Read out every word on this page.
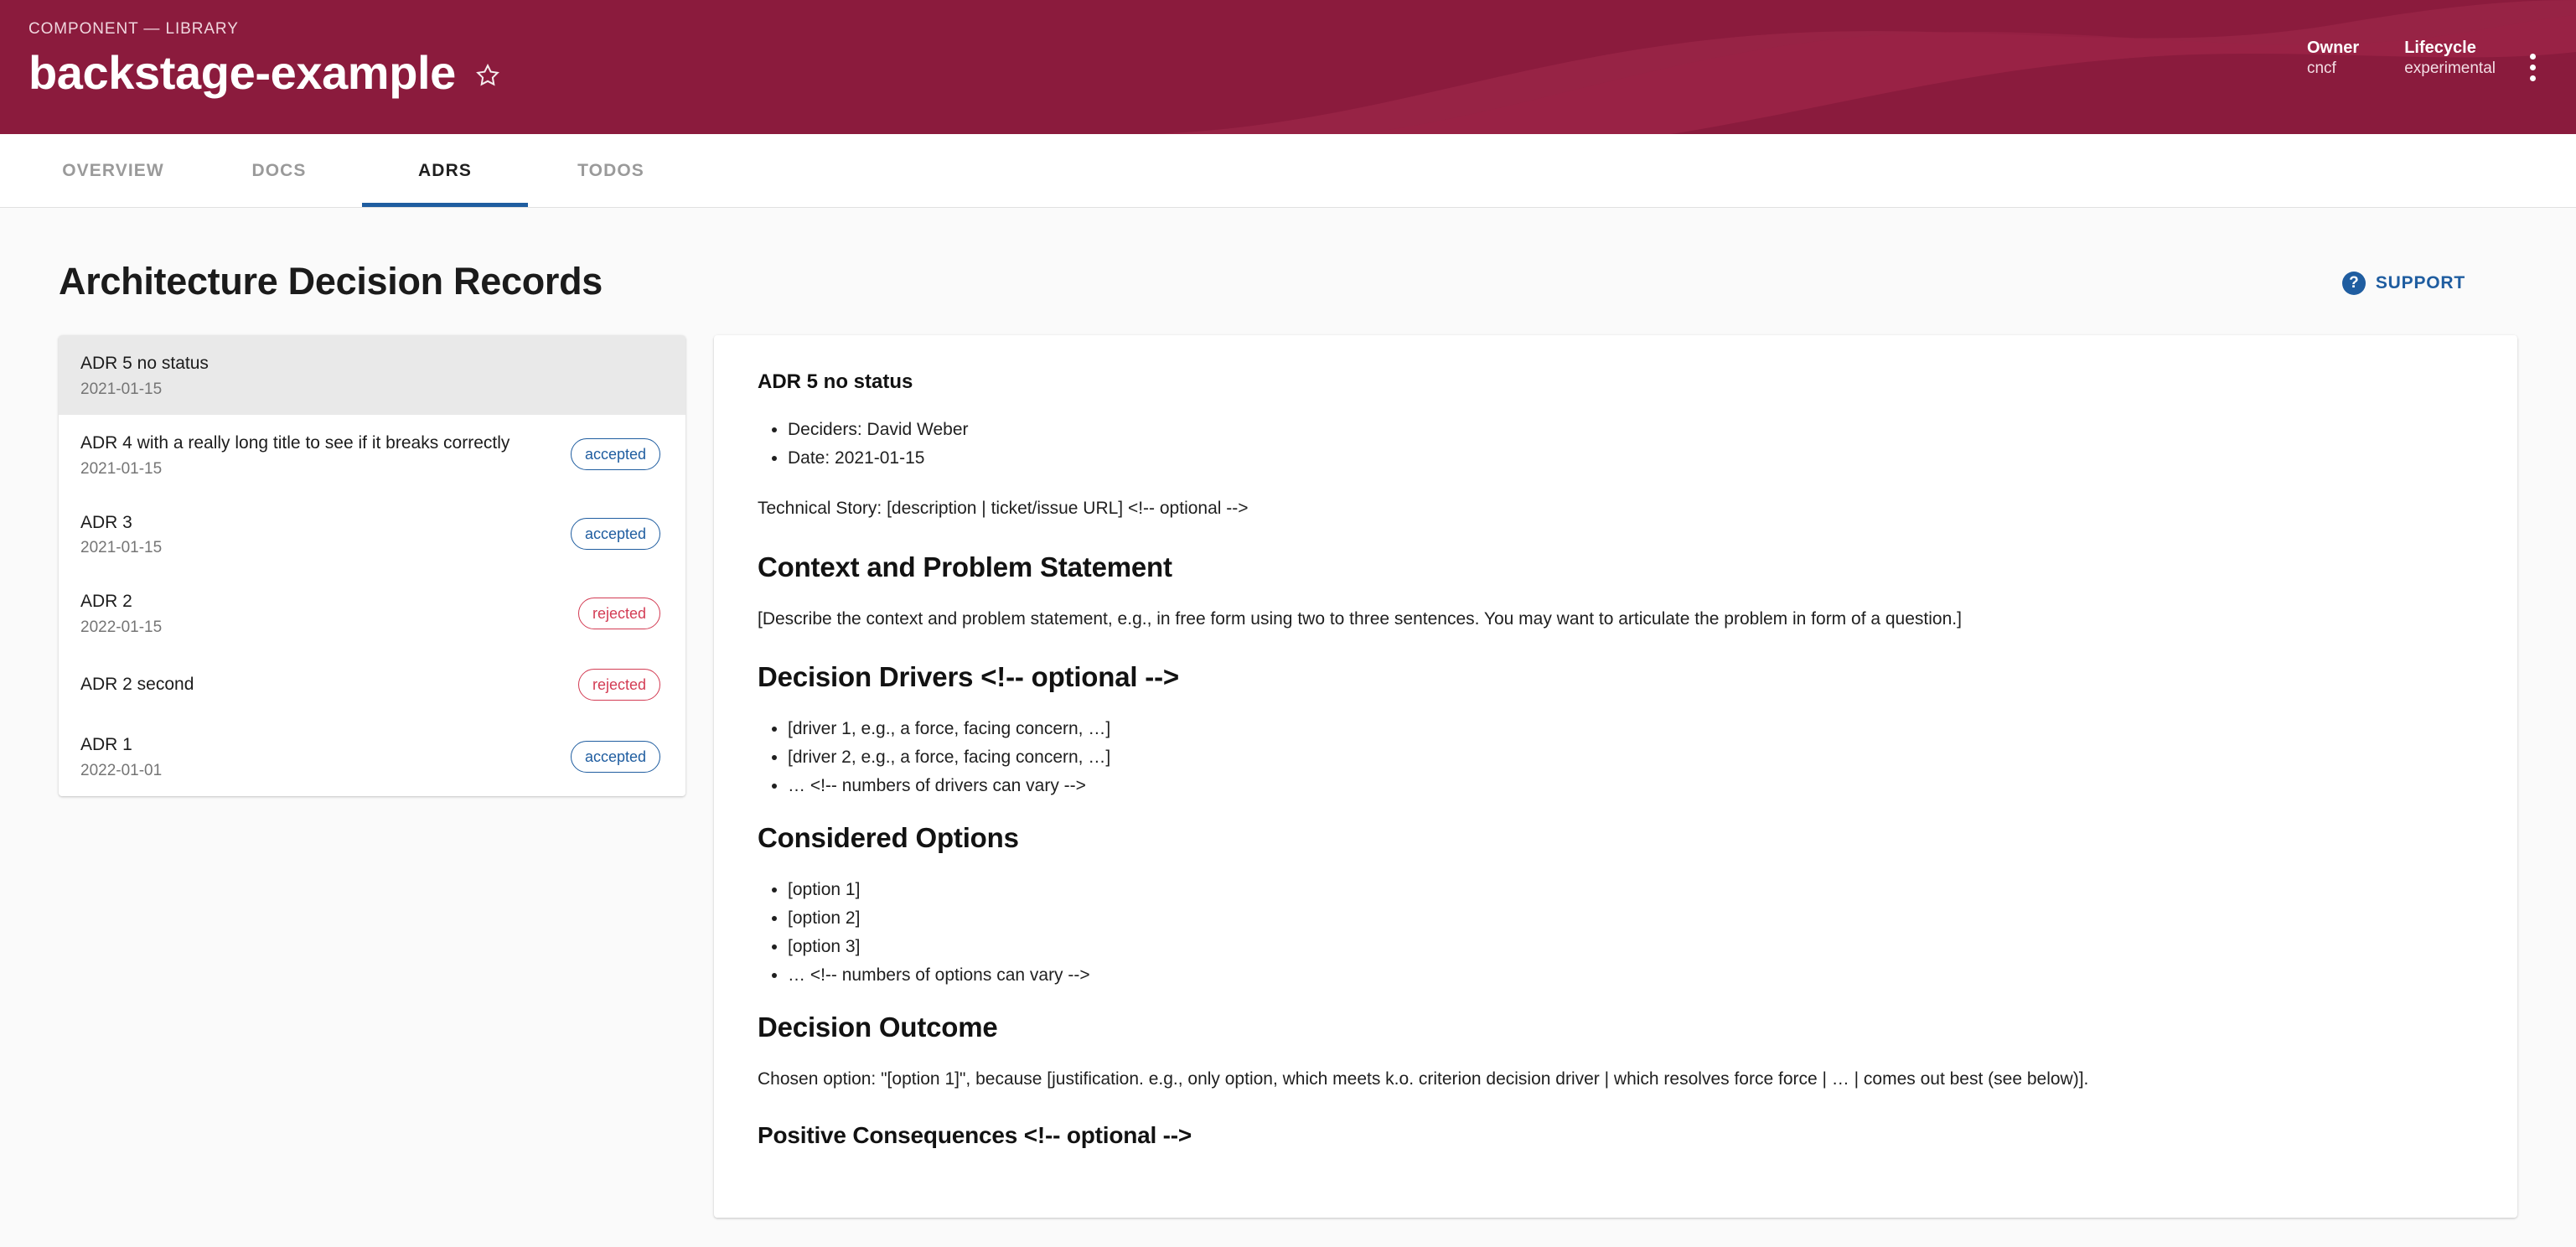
COMPONENT — LIBRARY
backstage-example	Owner
cncf
Lifecycle
experimental
OVERVIEW	DOCS	ADRS	TODOS
Architecture Decision Records	? SUPPORT
ADR 5 no status
2021-01-15
ADR 4 with a really long title to see if it breaks correctly
2021-01-15
accepted
ADR 3
2021-01-15
accepted
ADR 2
2022-01-15
rejected
ADR 2 second	rejected
ADR 1
2022-01-01
accepted
ADR 5 no status
• Deciders: David Weber
• Date: 2021-01-15

Technical Story: [description | ticket/issue URL] <!-- optional -->

Context and Problem Statement

[Describe the context and problem statement, e.g., in free form using two to three sentences. You may want to articulate the problem in form of a question.]

Decision Drivers <!-- optional -->
• [driver 1, e.g., a force, facing concern, …]
• [driver 2, e.g., a force, facing concern, …]
• … <!-- numbers of drivers can vary -->
Considered Options
• [option 1]
• [option 2]
• [option 3]
• … <!-- numbers of options can vary -->
Decision Outcome

Chosen option: "[option 1]", because [justification. e.g., only option, which meets k.o. criterion decision driver | which resolves force force | … | comes out best (see below)].

Positive Consequences <!-- optional -->
